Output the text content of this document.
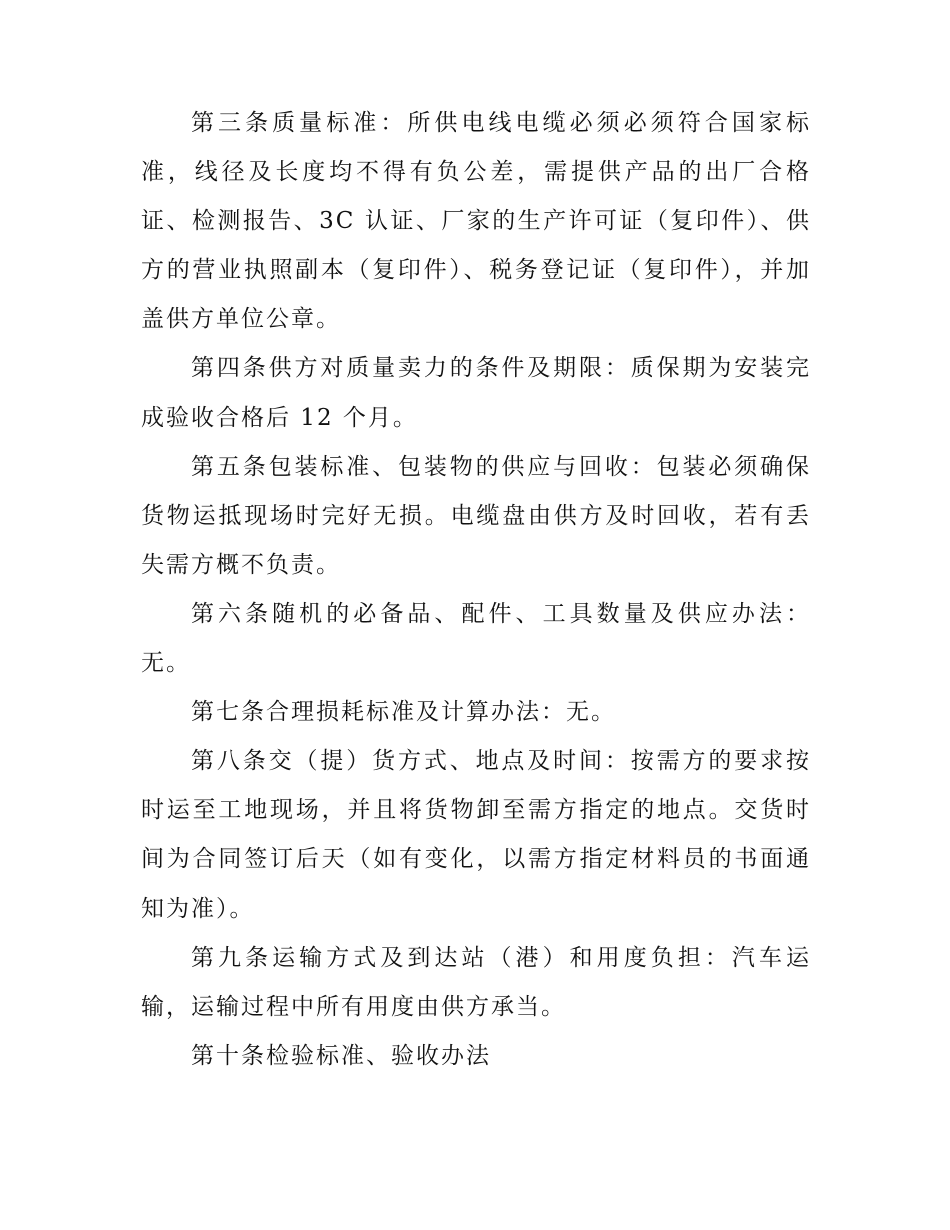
第三条质量标准：所供电线电缆必须必须符合国家标准，线径及长度均不得有负公差，需提供产品的出厂合格证、检测报告、3C 认证、厂家的生产许可证（复印件）、供方的营业执照副本（复印件）、税务登记证（复印件），并加盖供方单位公章。

第四条供方对质量卖力的条件及期限：质保期为安装完成验收合格后 12 个月。

第五条包装标准、包装物的供应与回收：包装必须确保货物运抵现场时完好无损。电缆盘由供方及时回收，若有丢失需方概不负责。

第六条随机的必备品、配件、工具数量及供应办法：无。

第七条合理损耗标准及计算办法：无。

第八条交（提）货方式、地点及时间：按需方的要求按时运至工地现场，并且将货物卸至需方指定的地点。交货时间为合同签订后天（如有变化，以需方指定材料员的书面通知为准）。

第九条运输方式及到达站（港）和用度负担：汽车运输，运输过程中所有用度由供方承当。

第十条检验标准、验收办法
